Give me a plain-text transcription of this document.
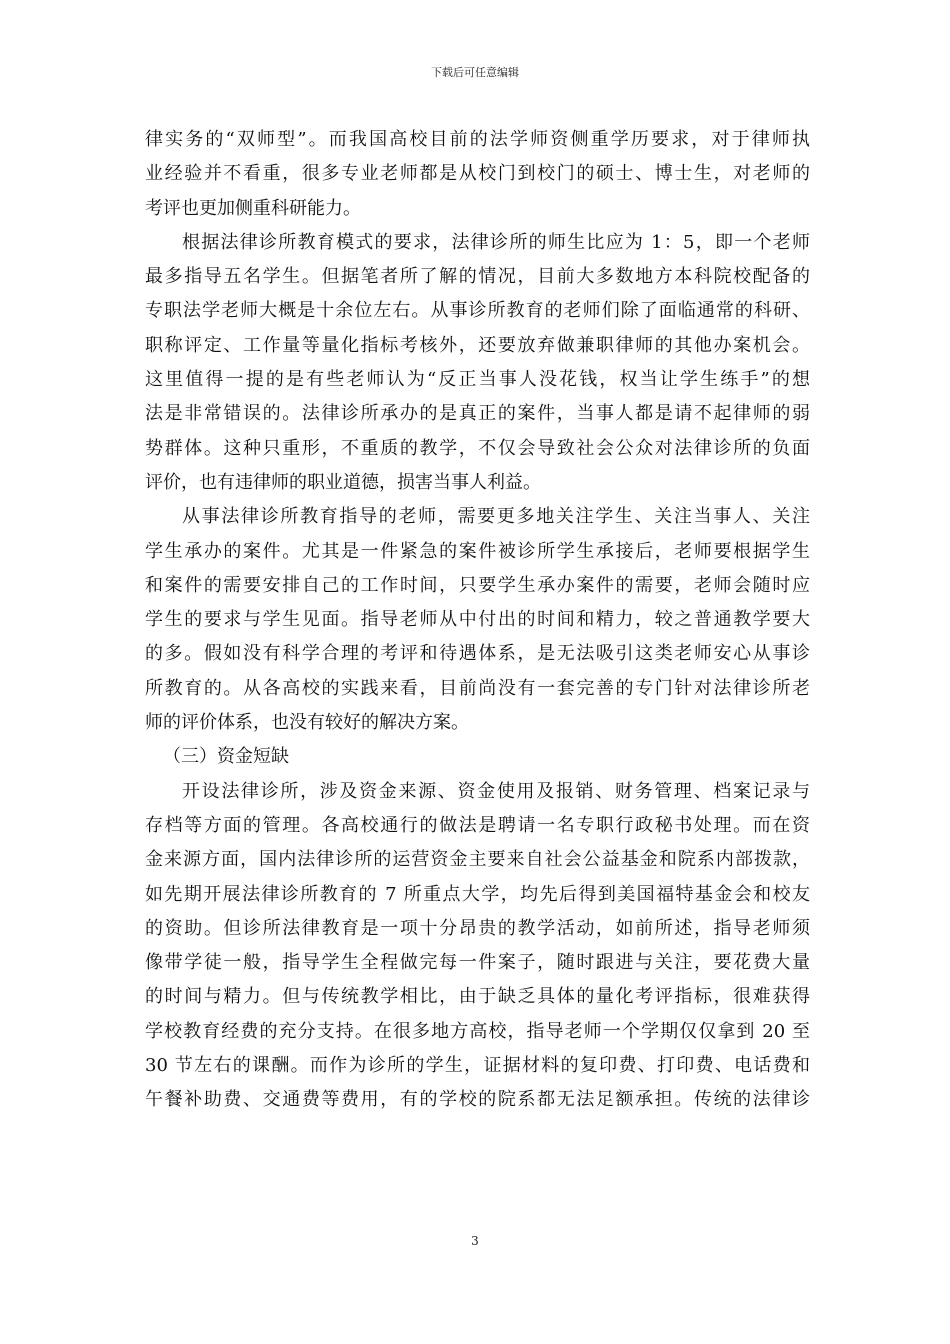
下载后可任意编辑
律实务的“双师型”。而我国高校目前的法学师资侧重学历要求，对于律师执
业经验并不看重，很多专业老师都是从校门到校门的硕士、博士生，对老师的
考评也更加侧重科研能力。
根据法律诊所教育模式的要求，法律诊所的师生比应为 1：5，即一个老师
最多指导五名学生。但据笔者所了解的情况，目前大多数地方本科院校配备的
专职法学老师大概是十余位左右。从事诊所教育的老师们除了面临通常的科研、
职称评定、工作量等量化指标考核外，还要放弃做兼职律师的其他办案机会。
这里值得一提的是有些老师认为“反正当事人没花钱，权当让学生练手”的想
法是非常错误的。法律诊所承办的是真正的案件，当事人都是请不起律师的弱
势群体。这种只重形，不重质的教学，不仅会导致社会公众对法律诊所的负面
评价，也有违律师的职业道德，损害当事人利益。
从事法律诊所教育指导的老师，需要更多地关注学生、关注当事人、关注
学生承办的案件。尤其是一件紧急的案件被诊所学生承接后，老师要根据学生
和案件的需要安排自己的工作时间，只要学生承办案件的需要，老师会随时应
学生的要求与学生见面。指导老师从中付出的时间和精力，较之普通教学要大
的多。假如没有科学合理的考评和待遇体系，是无法吸引这类老师安心从事诊
所教育的。从各高校的实践来看，目前尚没有一套完善的专门针对法律诊所老
师的评价体系，也没有较好的解决方案。
（三）资金短缺
开设法律诊所，涉及资金来源、资金使用及报销、财务管理、档案记录与
存档等方面的管理。各高校通行的做法是聘请一名专职行政秘书处理。而在资
金来源方面，国内法律诊所的运营资金主要来自社会公益基金和院系内部拨款，
如先期开展法律诊所教育的 7 所重点大学，均先后得到美国福特基金会和校友
的资助。但诊所法律教育是一项十分昂贵的教学活动，如前所述，指导老师须
像带学徒一般，指导学生全程做完每一件案子，随时跟进与关注，要花费大量
的时间与精力。但与传统教学相比，由于缺乏具体的量化考评指标，很难获得
学校教育经费的充分支持。在很多地方高校，指导老师一个学期仅仅拿到 20 至
30 节左右的课酬。而作为诊所的学生，证据材料的复印费、打印费、电话费和
午餐补助费、交通费等费用，有的学校的院系都无法足额承担。传统的法律诊
3
